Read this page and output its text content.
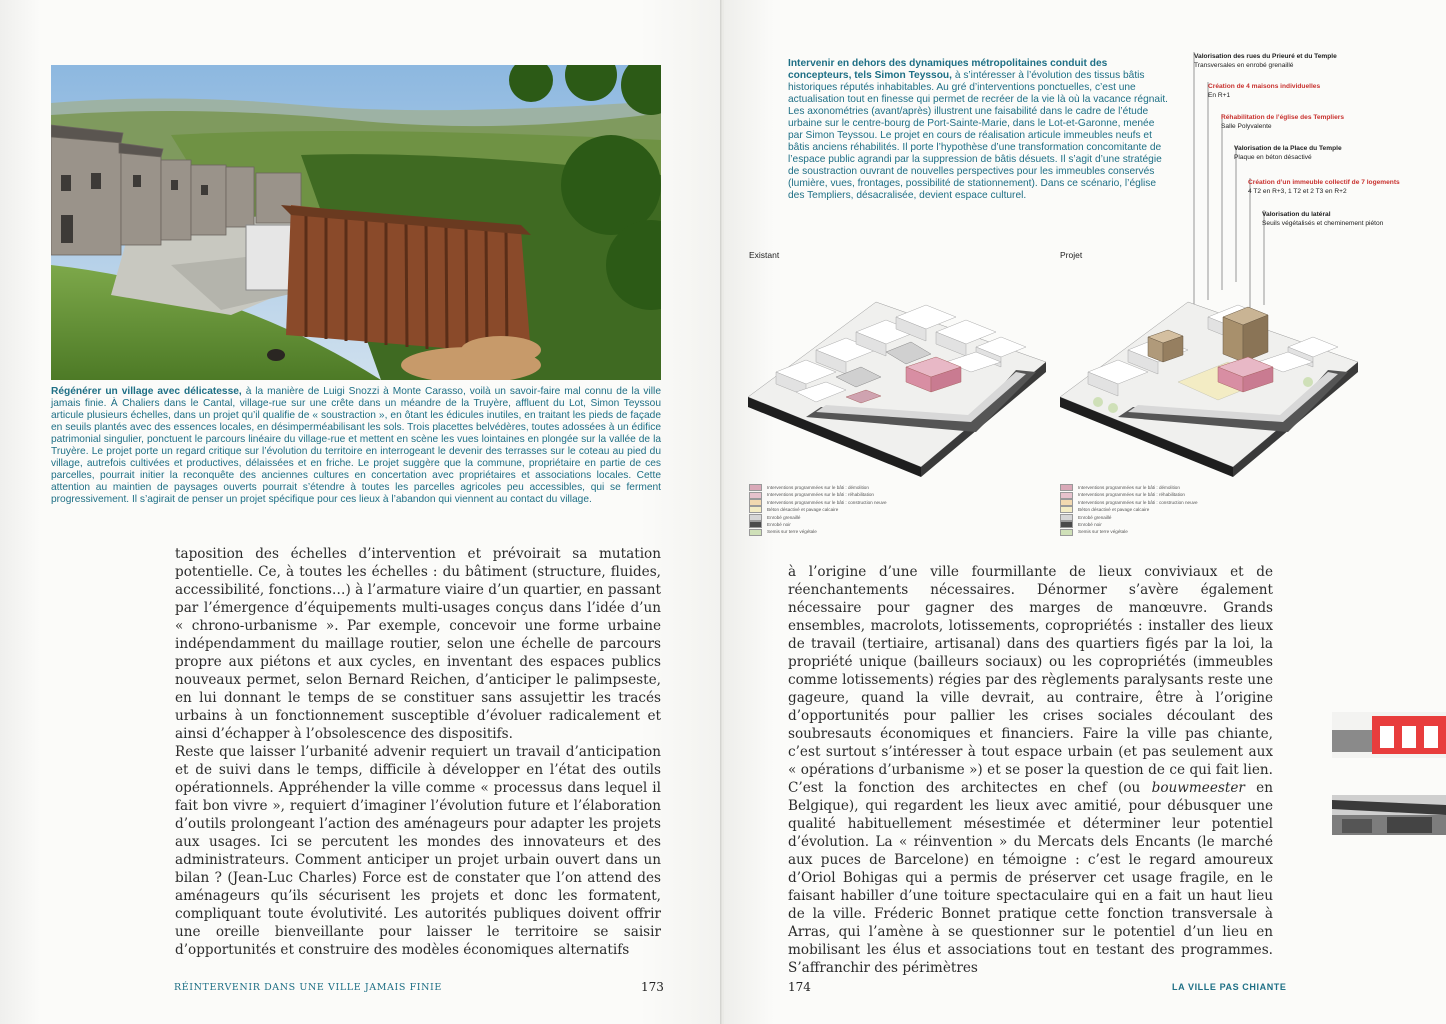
Régénérer un village avec délicatesse, à la manière de Luigi Snozzi à Monte Carasso, voilà un savoir-faire mal connu de la ville jamais finie. À Chaliers dans le Cantal, village-rue sur une crête dans un méandre de la Truyère, affluent du Lot, Simon Teyssou articule plusieurs échelles, dans un projet qu’il qualifie de « soustraction », en ôtant les édicules inutiles, en traitant les pieds de façade en seuils plantés avec des essences locales, en désimperméabilisant les sols. Trois placettes belvédères, toutes adossées à un édifice patrimonial singulier, ponctuent le parcours linéaire du village-rue et mettent en scène les vues lointaines en plongée sur la vallée de la Truyère. Le projet porte un regard critique sur l’évolution du territoire en interrogeant le devenir des terrasses sur le coteau au pied du village, autrefois cultivées et productives, délaissées et en friche. Le projet suggère que la commune, propriétaire en partie de ces parcelles, pourrait initier la reconquête des anciennes cultures en concertation avec propriétaires et associations locales. Cette attention au maintien de paysages ouverts pourrait s’étendre à toutes les parcelles agricoles peu accessibles, qui se ferment progressivement. Il s’agirait de penser un projet spécifique pour ces lieux à l’abandon qui viennent au contact du village.

taposition des échelles d’intervention et prévoirait sa mutation potentielle. Ce, à toutes les échelles : du bâtiment (structure, fluides, accessibilité, fonctions…) à l’armature viaire d’un quartier, en passant par l’émergence d’équipements multi-usages conçus dans l’idée d’un « chrono-urbanisme ». Par exemple, concevoir une forme urbaine indépendamment du maillage routier, selon une échelle de parcours propre aux piétons et aux cycles, en inventant des espaces publics nouveaux permet, selon Bernard Reichen, d’anticiper le palimpseste, en lui donnant le temps de se constituer sans assujettir les tracés urbains à un fonctionnement susceptible d’évoluer radicalement et ainsi d’échapper à l’obsolescence des dispositifs.

Reste que laisser l’urbanité advenir requiert un travail d’anticipation et de suivi dans le temps, difficile à développer en l’état des outils opérationnels. Appréhender la ville comme « processus dans lequel il fait bon vivre », requiert d’imaginer l’évolution future et l’élaboration d’outils prolongeant l’action des aménageurs pour adapter les projets aux usages. Ici se percutent les mondes des innovateurs et des administrateurs. Comment anticiper un projet urbain ouvert dans un bilan ? (Jean-Luc Charles) Force est de constater que l’on attend des aménageurs qu’ils sécurisent les projets et donc les formatent, compliquant toute évolutivité. Les autorités publiques doivent offrir une oreille bienveillante pour laisser le territoire se saisir d’opportunités et construire des modèles économiques alternatifs

RÉINTERVENIR DANS UNE VILLE JAMAIS FINIE	173
Intervenir en dehors des dynamiques métropolitaines conduit des concepteurs, tels Simon Teyssou, à s’intéresser à l’évolution des tissus bâtis historiques réputés inhabitables. Au gré d’interventions ponctuelles, c’est une actualisation tout en finesse qui permet de recréer de la vie là où la vacance régnait.
Les axonométries (avant/après) illustrent une faisabilité dans le cadre de l’étude urbaine sur le centre-bourg de Port-Sainte-Marie, dans le Lot-et-Garonne, menée par Simon Teyssou. Le projet en cours de réalisation articule immeubles neufs et bâtis anciens réhabilités. Il porte l’hypothèse d’une transformation concomitante de l’espace public agrandi par la suppression de bâtis désuets. Il s’agit d’une stratégie de soustraction ouvrant de nouvelles perspectives pour les immeubles conservés (lumière, vues, frontages, possibilité de stationnement). Dans ce scénario, l’église des Templiers, désacralisée, devient espace culturel.
Valorisation des rues du Prieuré et du Temple
Transversales en enrobé grenaillé
Création de 4 maisons individuelles
En R+1
Réhabilitation de l’église des Templiers
Salle Polyvalente
Valorisation de la Place du Temple
Plaque en béton désactivé
Création d’un immeuble collectif de 7 logements
4 T2 en R+3, 1 T2 et 2 T3 en R+2
Valorisation du latéral
Seuils végétalisés et cheminement piéton
Existant	Projet
Interventions programmées sur le bâti : démolition
Interventions programmées sur le bâti : réhabilitation
Interventions programmées sur le bâti : construction neuve
Béton désactivé et pavage calcaire
Enrobé grenaillé
Enrobé noir
Semis sur terre végétale
Interventions programmées sur le bâti : démolition
Interventions programmées sur le bâti : réhabilitation
Interventions programmées sur le bâti : construction neuve
Béton désactivé et pavage calcaire
Enrobé grenaillé
Enrobé noir
Semis sur terre végétale

à l’origine d’une ville fourmillante de lieux conviviaux et de réenchantements nécessaires. Dénormer s’avère également nécessaire pour gagner des marges de manœuvre. Grands ensembles, macrolots, lotissements, copropriétés : installer des lieux de travail (tertiaire, artisanal) dans des quartiers figés par la loi, la propriété unique (bailleurs sociaux) ou les copropriétés (immeubles comme lotissements) régies par des règlements paralysants reste une gageure, quand la ville devrait, au contraire, être à l’origine d’opportunités pour pallier les crises sociales découlant des soubresauts économiques et financiers. Faire la ville pas chiante, c’est surtout s’intéresser à tout espace urbain (et pas seulement aux « opérations d’urbanisme ») et se poser la question de ce qui fait lien. C’est la fonction des architectes en chef (ou bouwmeester en Belgique), qui regardent les lieux avec amitié, pour débusquer une qualité habituellement mésestimée et déterminer leur potentiel d’évolution. La « réinvention » du Mercats dels Encants (le marché aux puces de Barcelone) en témoigne : c’est le regard amoureux d’Oriol Bohigas qui a permis de préserver cet usage fragile, en le faisant habiller d’une toiture spectaculaire qui en a fait un haut lieu de la ville. Fréderic Bonnet pratique cette fonction transversale à Arras, qui l’amène à se questionner sur le potentiel d’un lieu en mobilisant les élus et associations tout en testant des programmes. S’affranchir des périmètres

174	LA VILLE PAS CHIANTE
